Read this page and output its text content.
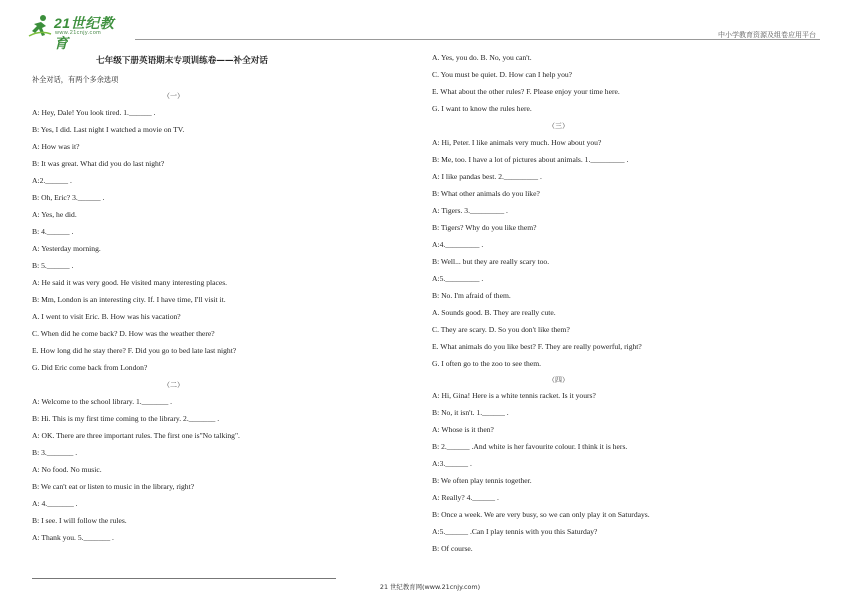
21世纪教育
www.21cnjy.com	中小学教育资源及组卷应用平台
七年级下册英语期末专项训练卷——补全对话
补全对话，有两个多余选项
（一）
A: Hey, Dale! You look tired. 1.______ .
B: Yes, I did. Last night I watched a movie on TV.
A: How was it?
B: It was great. What did you do last night?
A:2.______ .
B: Oh, Eric? 3.______ .
A: Yes, he did.
B: 4.______ .
A: Yesterday morning.
B: 5.______ .
A: He said it was very good. He visited many interesting places.
B: Mm, London is an interesting city. If. I have time, I'll visit it.
A. I went to visit Eric. B. How was his vacation?
C. When did he come back? D. How was the weather there?
E. How long did he stay there? F. Did you go to bed late last night?
G. Did Eric come back from London?
（二）
A: Welcome to the school library. 1._______ .
B: Hi. This is my first time coming to the library. 2._______ .
A: OK. There are three important rules. The first one is"No talking".
B: 3._______ .
A: No food. No music.
B: We can't eat or listen to music in the library, right?
A: 4._______ .
B: I see. I will follow the rules.
A: Thank you. 5._______ .
A. Yes, you do. B. No, you can't.
C. You must be quiet. D. How can I help you?
E. What about the other rules? F. Please enjoy your time here.
G. I want to know the rules here.
（三）
A: Hi, Peter. I like animals very much. How about you?
B: Me, too. I have a lot of pictures about animals. 1._________ .
A: I like pandas best. 2._________ .
B: What other animals do you like?
A: Tigers. 3._________ .
B: Tigers? Why do you like them?
A:4._________ .
B: Well... but they are really scary too.
A:5._________ .
B: No. I'm afraid of them.
A. Sounds good. B. They are really cute.
C. They are scary. D. So you don't like them?
E. What animals do you like best? F. They are really powerful, right?
G. I often go to the zoo to see them.
（四）
A: Hi, Gina! Here is a white tennis racket. Is it yours?
B: No, it isn't. 1.______ .
A: Whose is it then?
B: 2.______ .And white is her favourite colour. I think it is hers.
A:3.______ .
B: We often play tennis together.
A: Really? 4.______ .
B: Once a week. We are very busy, so we can only play it on Saturdays.
A:5.______ .Can I play tennis with you this Saturday?
B: Of course.
21 世纪教育网(www.21cnjy.com)
